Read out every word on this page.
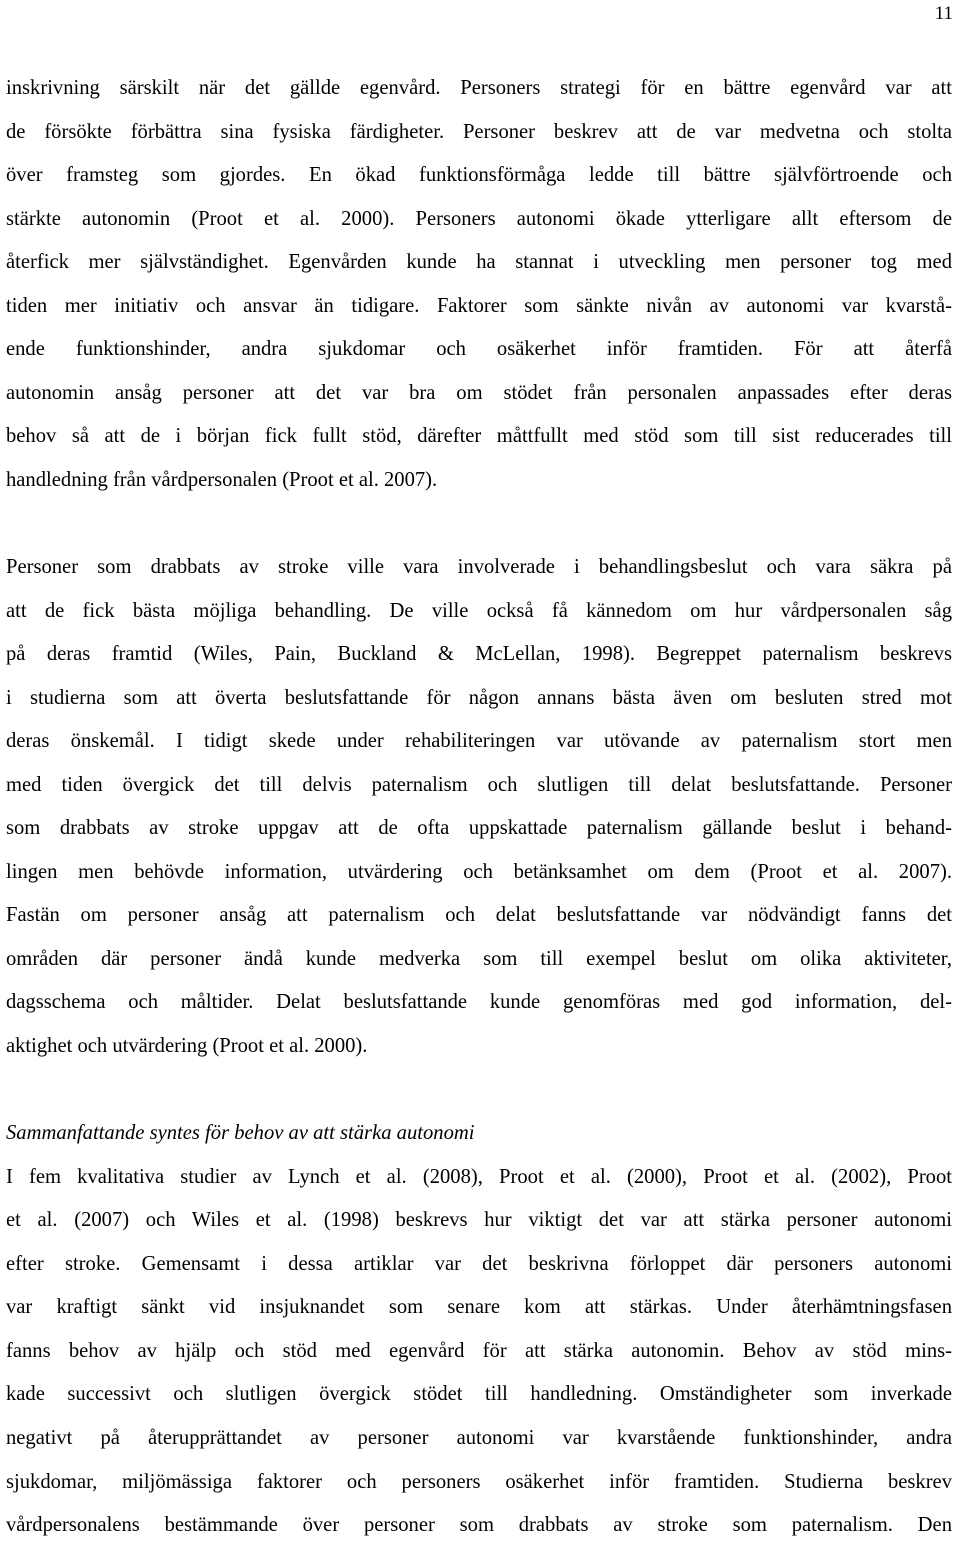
11
inskrivning särskilt när det gällde egenvård. Personers strategi för en bättre egenvård var att
de försökte förbättra sina fysiska färdigheter. Personer beskrev att de var medvetna och stolta
över framsteg som gjordes. En ökad funktionsförmåga ledde till bättre självförtroende och
stärkte autonomin (Proot et al. 2000). Personers autonomi ökade ytterligare allt eftersom de
återfick mer självständighet. Egenvården kunde ha stannat i utveckling men personer tog med
tiden mer initiativ och ansvar än tidigare. Faktorer som sänkte nivån av autonomi var kvarstå-
ende funktionshinder, andra sjukdomar och osäkerhet inför framtiden. För att återfå
autonomin ansåg personer att det var bra om stödet från personalen anpassades efter deras
behov så att de i början fick fullt stöd, därefter måttfullt med stöd som till sist reducerades till
handledning från vårdpersonalen (Proot et al. 2007).
Personer som drabbats av stroke ville vara involverade i behandlingsbeslut och vara säkra på
att de fick bästa möjliga behandling. De ville också få kännedom om hur vårdpersonalen såg
på deras framtid (Wiles, Pain, Buckland & McLellan, 1998). Begreppet paternalism beskrevs
i studierna som att överta beslutsfattande för någon annans bästa även om besluten stred mot
deras önskemål. I tidigt skede under rehabiliteringen var utövande av paternalism stort men
med tiden övergick det till delvis paternalism och slutligen till delat beslutsfattande. Personer
som drabbats av stroke uppgav att de ofta uppskattade paternalism gällande beslut i behand-
lingen men behövde information, utvärdering och betänksamhet om dem (Proot et al. 2007).
Fastän om personer ansåg att paternalism och delat beslutsfattande var nödvändigt fanns det
områden där personer ändå kunde medverka som till exempel beslut om olika aktiviteter,
dagsschema och måltider. Delat beslutsfattande kunde genomföras med god information, del-
aktighet och utvärdering (Proot et al. 2000).
Sammanfattande syntes för behov av att stärka autonomi
I fem kvalitativa studier av Lynch et al. (2008), Proot et al. (2000), Proot et al. (2002), Proot
et al. (2007) och Wiles et al. (1998) beskrevs hur viktigt det var att stärka personer autonomi
efter stroke. Gemensamt i dessa artiklar var det beskrivna förloppet där personers autonomi
var kraftigt sänkt vid insjuknandet som senare kom att stärkas. Under återhämtningsfasen
fanns behov av hjälp och stöd med egenvård för att stärka autonomin. Behov av stöd mins-
kade successivt och slutligen övergick stödet till handledning. Omständigheter som inverkade
negativt på återupprättandet av personer autonomi var kvarstående funktionshinder, andra
sjukdomar, miljömässiga faktorer och personers osäkerhet inför framtiden. Studierna beskrev
vårdpersonalens bestämmande över personer som drabbats av stroke som paternalism. Den
